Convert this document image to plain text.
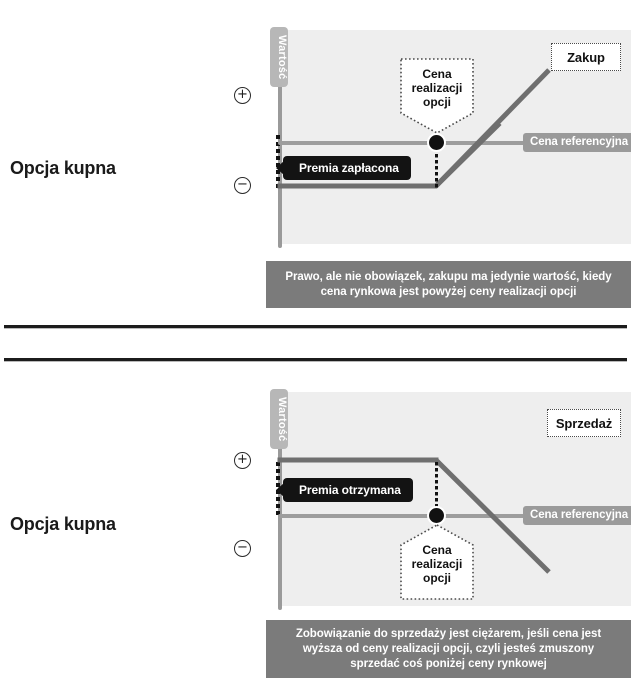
Opcja kupna
Wartość
+
−
Cena referencyjna
Cena
realizacji
opcji
Premia zapłacona
Zakup
Prawo, ale nie obowiązek, zakupu ma jedynie wartość, kiedy cena rynkowa jest powyżej ceny realizacji opcji
Opcja kupna
Wartość
+
−
Cena referencyjna
Cena
realizacji
opcji
Premia otrzymana
Sprzedaż
Zobowiązanie do sprzedaży jest ciężarem, jeśli cena jest wyższa od ceny realizacji opcji, czyli jesteś zmuszony sprzedać coś poniżej ceny rynkowej
